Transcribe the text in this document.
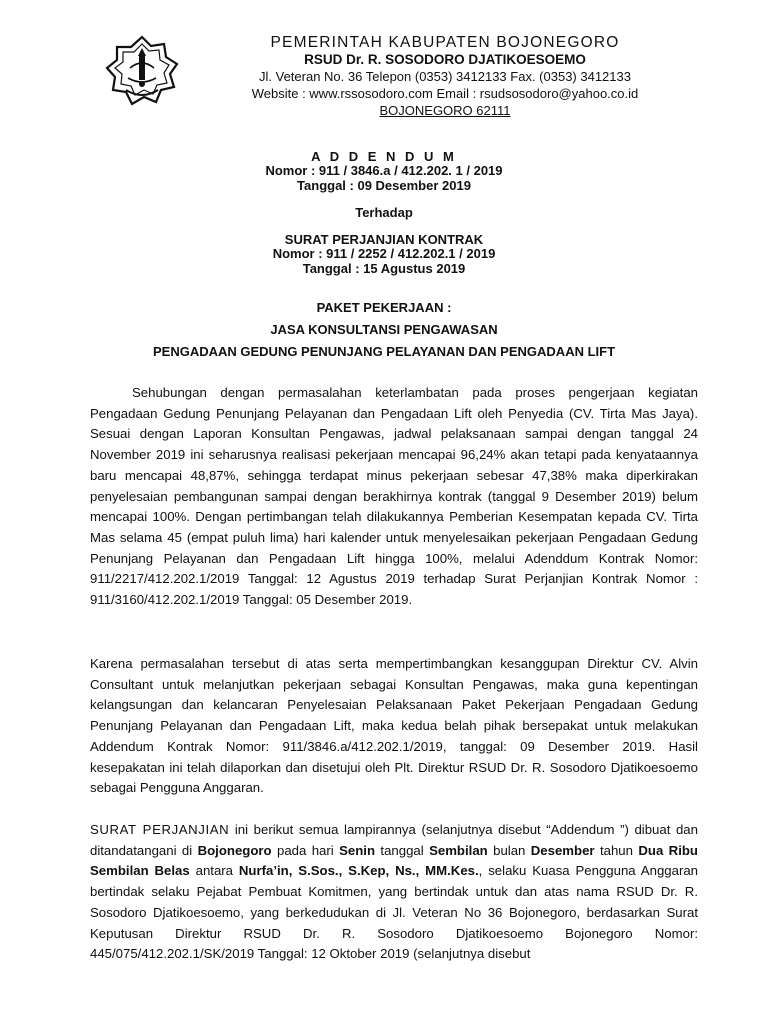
PEMERINTAH KABUPATEN BOJONEGORO
RSUD Dr. R. SOSODORO DJATIKOESOEMO
Jl. Veteran No. 36 Telepon (0353) 3412133 Fax. (0353) 3412133
Website : www.rssosodoro.com Email : rsudsosodoro@yahoo.co.id
BOJONEGORO 62111
A D D E N D U M
Nomor : 911 / 3846.a / 412.202. 1 / 2019
Tanggal : 09 Desember 2019
Terhadap
SURAT PERJANJIAN KONTRAK
Nomor : 911 / 2252 / 412.202.1 / 2019
Tanggal : 15 Agustus 2019
PAKET PEKERJAAN :
JASA KONSULTANSI PENGAWASAN
PENGADAAN GEDUNG PENUNJANG PELAYANAN DAN PENGADAAN LIFT
Sehubungan dengan permasalahan keterlambatan pada proses pengerjaan kegiatan Pengadaan Gedung Penunjang Pelayanan dan Pengadaan Lift oleh Penyedia (CV. Tirta Mas Jaya). Sesuai dengan Laporan Konsultan Pengawas, jadwal pelaksanaan sampai dengan tanggal 24 November 2019 ini seharusnya realisasi pekerjaan mencapai 96,24% akan tetapi pada kenyataannya baru mencapai 48,87%, sehingga terdapat minus pekerjaan sebesar 47,38% maka diperkirakan penyelesaian pembangunan sampai dengan berakhirnya kontrak (tanggal 9 Desember 2019) belum mencapai 100%. Dengan pertimbangan telah dilakukannya Pemberian Kesempatan kepada CV. Tirta Mas selama 45 (empat puluh lima) hari kalender untuk menyelesaikan pekerjaan Pengadaan Gedung Penunjang Pelayanan dan Pengadaan Lift hingga 100%, melalui Adenddum Kontrak Nomor: 911/2217/412.202.1/2019 Tanggal: 12 Agustus 2019 terhadap Surat Perjanjian Kontrak Nomor : 911/3160/412.202.1/2019 Tanggal: 05 Desember 2019.
Karena permasalahan tersebut di atas serta mempertimbangkan kesanggupan Direktur CV. Alvin Consultant untuk melanjutkan pekerjaan sebagai Konsultan Pengawas, maka guna kepentingan kelangsungan dan kelancaran Penyelesaian Pelaksanaan Paket Pekerjaan Pengadaan Gedung Penunjang Pelayanan dan Pengadaan Lift, maka kedua belah pihak bersepakat untuk melakukan Addendum Kontrak Nomor: 911/3846.a/412.202.1/2019, tanggal: 09 Desember 2019. Hasil kesepakatan ini telah dilaporkan dan disetujui oleh Plt. Direktur RSUD Dr. R. Sosodoro Djatikoesoemo sebagai Pengguna Anggaran.
SURAT PERJANJIAN ini berikut semua lampirannya (selanjutnya disebut “Addendum ”) dibuat dan ditandatangani di Bojonegoro pada hari Senin tanggal Sembilan bulan Desember tahun Dua Ribu Sembilan Belas antara Nurfa’in, S.Sos., S.Kep, Ns., MM.Kes., selaku Kuasa Pengguna Anggaran bertindak selaku Pejabat Pembuat Komitmen, yang bertindak untuk dan atas nama RSUD Dr. R. Sosodoro Djatikoesoemo, yang berkedudukan di Jl. Veteran No 36 Bojonegoro, berdasarkan Surat Keputusan Direktur RSUD Dr. R. Sosodoro Djatikoesoemo Bojonegoro Nomor: 445/075/412.202.1/SK/2019 Tanggal: 12 Oktober 2019 (selanjutnya disebut
